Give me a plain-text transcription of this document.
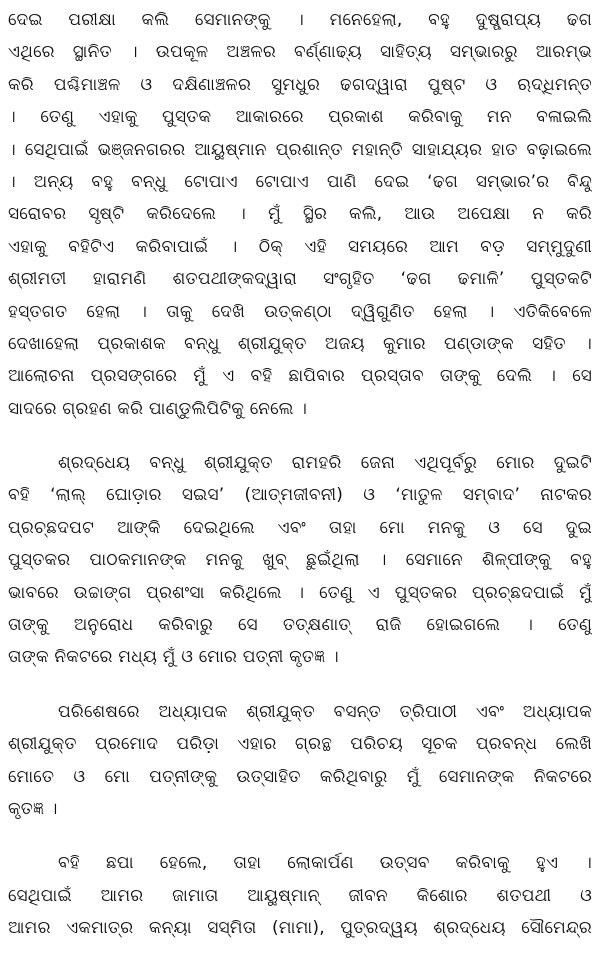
ଦେଇ ପରୀକ୍ଷା କଲି ସେମାନଙ୍କୁ । ମନେହେଲା, ବହୁ ଦୁଷ୍ପ୍ରାପ୍ୟ ଢଗ
ଏଥିରେ ସ୍ଥାନିତ । ଉପକୂଳ ଅଞ୍ଚଳର ବର୍ଣ୍ଣାଢ୍ୟ ସାହିତ୍ୟ ସମ୍ଭାରରୁ ଆରମ୍ଭ
କରି ପଶ୍ଚିମାଞ୍ଚଳ ଓ ଦକ୍ଷିଣାଞ୍ଚଳର ସୁମଧୁର ଢଗଦ୍ୱାରା ପୁଷ୍ଟ ଓ ଋଦ୍ଧିମନ୍ତ
। ତେଣୁ ଏହାକୁ ପୁସ୍ତକ ଆକାରରେ ପ୍ରକାଶ କରିବାକୁ ମନ ବଳାଇଲି
। ସେଥିପାଇଁ ଭଞ୍ଜନଗରର ଆୟୁଷ୍ମାନ ପ୍ରଶାନ୍ତ ମହାନ୍ତି ସାହାଯ୍ୟର ହାତ ବଢ଼ାଇଲେ
। ଅନ୍ୟ ବହୁ ବନ୍ଧୁ ଟୋପାଏ ଟୋପାଏ ପାଣି ଦେଇ ‘ଢଗ ସମ୍ଭାର’ର ବିନ୍ଦୁ
ସରୋବର ସୃଷ୍ଟି କରିଦେଲେ । ମୁଁ ସ୍ଥିର କଲି, ଆଉ ଅପେକ୍ଷା ନ କରି
ଏହାକୁ ବହିଟିଏ କରିବାପାଇଁ । ଠିକ୍ ଏହି ସମୟରେ ଆମ ବଡ଼ ସମ୍ମୁଦୁଣୀ
ଶ୍ରୀମତୀ ହାରାମଣି ଶତପଥୀଙ୍କଦ୍ୱାରା ସଂଗୃହିତ ‘ଢଗ ଢମାଳି’ ପୁସ୍ତକଟି
ହସ୍ତଗତ ହେଲା । ତାକୁ ଦେଖି ଉତ୍କଣ୍ଠା ଦ୍ୱିଗୁଣିତ ହେଲା । ଏତିକିବେଳେ
ଦେଖାହେଲା ପ୍ରକାଶକ ବନ୍ଧୁ ଶ୍ରୀଯୁକ୍ତ ଅଜୟ କୁମାର ପଣ୍ଡାଙ୍କ ସହିତ ।
ଆଲୋଚନା ପ୍ରସଙ୍ଗରେ ମୁଁ ଏ ବହି ଛାପିବାର ପ୍ରସ୍ତାବ ତାଙ୍କୁ ଦେଲି । ସେ
ସାଦରେ ଗ୍ରହଣ କରି ପାଣ୍ଡୁଲିପିଟିକୁ ନେଲେ ।
ଶ୍ରଦ୍ଧେୟ ବନ୍ଧୁ ଶ୍ରୀଯୁକ୍ତ ରାମହରି ଜେନା ଏଥିପୂର୍ବରୁ ମୋର ଦୁଇଟି
ବହି ‘ଲାଲ୍ ଘୋଡ଼ାର ସଇସ’ (ଆତ୍ମଜୀବନୀ) ଓ ‘ମାତୁଳ ସମ୍ବାଦ’ ନାଟକର
ପ୍ରଚ୍ଛଦପଟ ଆଙ୍କି ଦେଇଥିଲେ ଏବଂ ତାହା ମୋ ମନକୁ ଓ ସେ ଦୁଇ
ପୁସ୍ତକର ପାଠକମାନଙ୍କ ମନକୁ ଖୁବ୍ ଛୁଇଁଥିଲା । ସେମାନେ ଶିଳ୍ପୀଙ୍କୁ ବହୁ
ଭାବରେ ଉଚ୍ଚାଙ୍ଗ ପ୍ରଶଂସା କରିଥିଲେ । ତେଣୁ ଏ ପୁସ୍ତକର ପ୍ରଚ୍ଛଦପାଇଁ ମୁଁ
ତାଙ୍କୁ ଅନୁରୋଧ କରିବାରୁ ସେ ତତ୍କ୍ଷଣାତ୍ ରାଜି ହୋଇଗଲେ । ତେଣୁ
ତାଙ୍କ ନିକଟରେ ମଧ୍ୟ ମୁଁ ଓ ମୋର ପତ୍ନୀ କୃତଜ୍ଞ ।
ପରିଶେଷରେ ଅଧ୍ୟାପକ ଶ୍ରୀଯୁକ୍ତ ବସନ୍ତ ତ୍ରିପାଠୀ ଏବଂ ଅଧ୍ୟାପକ
ଶ୍ରୀଯୁକ୍ତ ପ୍ରମୋଦ ପରିଡ଼ା ଏହାର ଗ୍ରନ୍ଥ ପରିଚୟ ସୂଚକ ପ୍ରବନ୍ଧ ଲେଖି
ମୋତେ ଓ ମୋ ପତ୍ନୀଙ୍କୁ ଉତ୍ସାହିତ କରିଥିବାରୁ ମୁଁ ସେମାନଙ୍କ ନିକଟରେ
କୃତଜ୍ଞ ।
ବହି ଛପା ହେଲେ, ତାହା ଲୋକାର୍ପଣ ଉତ୍ସବ କରିବାକୁ ହୁଏ ।
ସେଥିପାଇଁ ଆମର ଜାମାତା ଆୟୁଷ୍ମାନ୍ ଜୀବନ କିଶୋର ଶତପଥୀ ଓ
ଆମର ଏକମାତ୍ର କନ୍ୟା ସସ୍ମିତା (ମାମା), ପୁତ୍ରଦ୍ୱୟ ଶ୍ରଦ୍ଧେୟ ସୌମେନ୍ଦ୍ର
